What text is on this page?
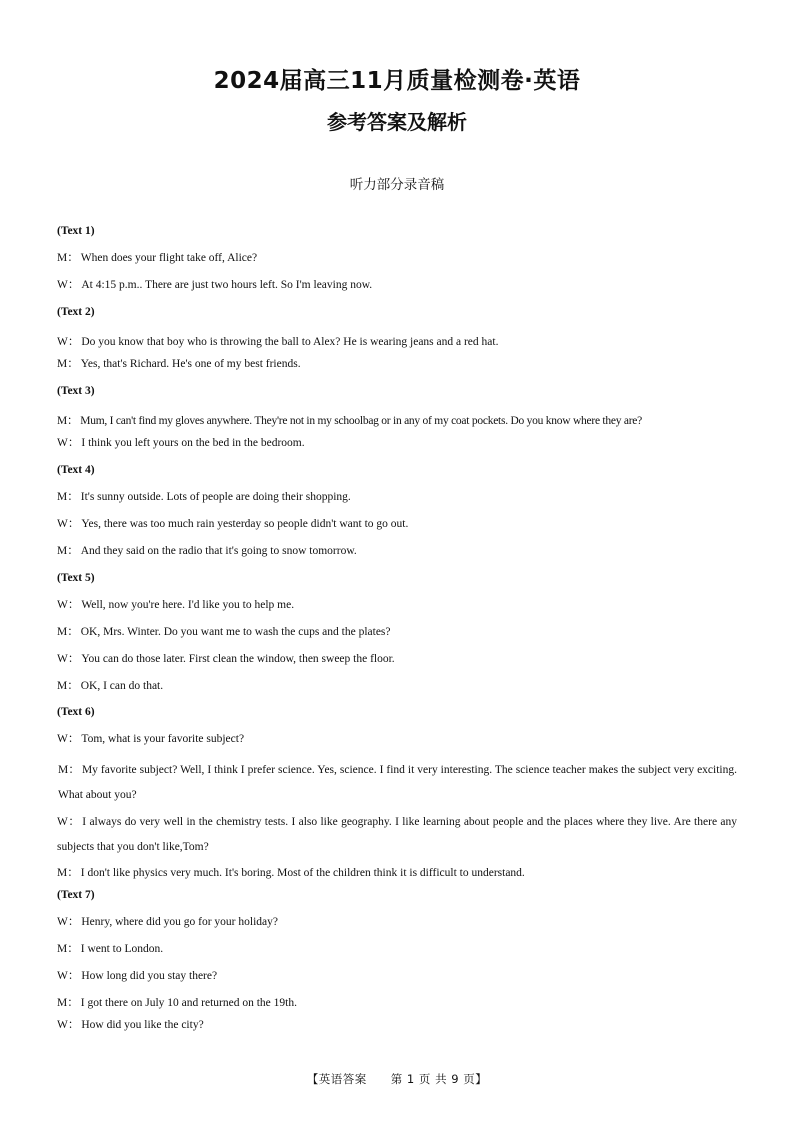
2024届高三11月质量检测卷·英语
参考答案及解析
听力部分录音稿
(Text 1)
M： When does your flight take off, Alice?
W： At 4:15 p.m.. There are just two hours left. So I'm leaving now.
(Text 2)
W： Do you know that boy who is throwing the ball to Alex? He is wearing jeans and a red hat.
M： Yes, that's Richard. He's one of my best friends.
(Text 3)
M： Mum, I can't find my gloves anywhere. They're not in my schoolbag or in any of my coat pockets. Do you know where they are?
W： I think you left yours on the bed in the bedroom.
(Text 4)
M： It's sunny outside. Lots of people are doing their shopping.
W： Yes, there was too much rain yesterday so people didn't want to go out.
M： And they said on the radio that it's going to snow tomorrow.
(Text 5)
W： Well, now you're here. I'd like you to help me.
M： OK, Mrs. Winter. Do you want me to wash the cups and the plates?
W： You can do those later. First clean the window, then sweep the floor.
M： OK, I can do that.
(Text 6)
W： Tom, what is your favorite subject?
M： My favorite subject? Well, I think I prefer science. Yes, science. I find it very interesting. The science teacher makes the subject very exciting. What about you?
W： I always do very well in the chemistry tests. I also like geography. I like learning about people and the places where they live. Are there any subjects that you don't like,Tom?
M： I don't like physics very much. It's boring. Most of the children think it is difficult to understand.
(Text 7)
W： Henry, where did you go for your holiday?
M： I went to London.
W： How long did you stay there?
M： I got there on July 10 and returned on the 19th.
W： How did you like the city?
【英语答案　　第 1 页 共 9 页】
